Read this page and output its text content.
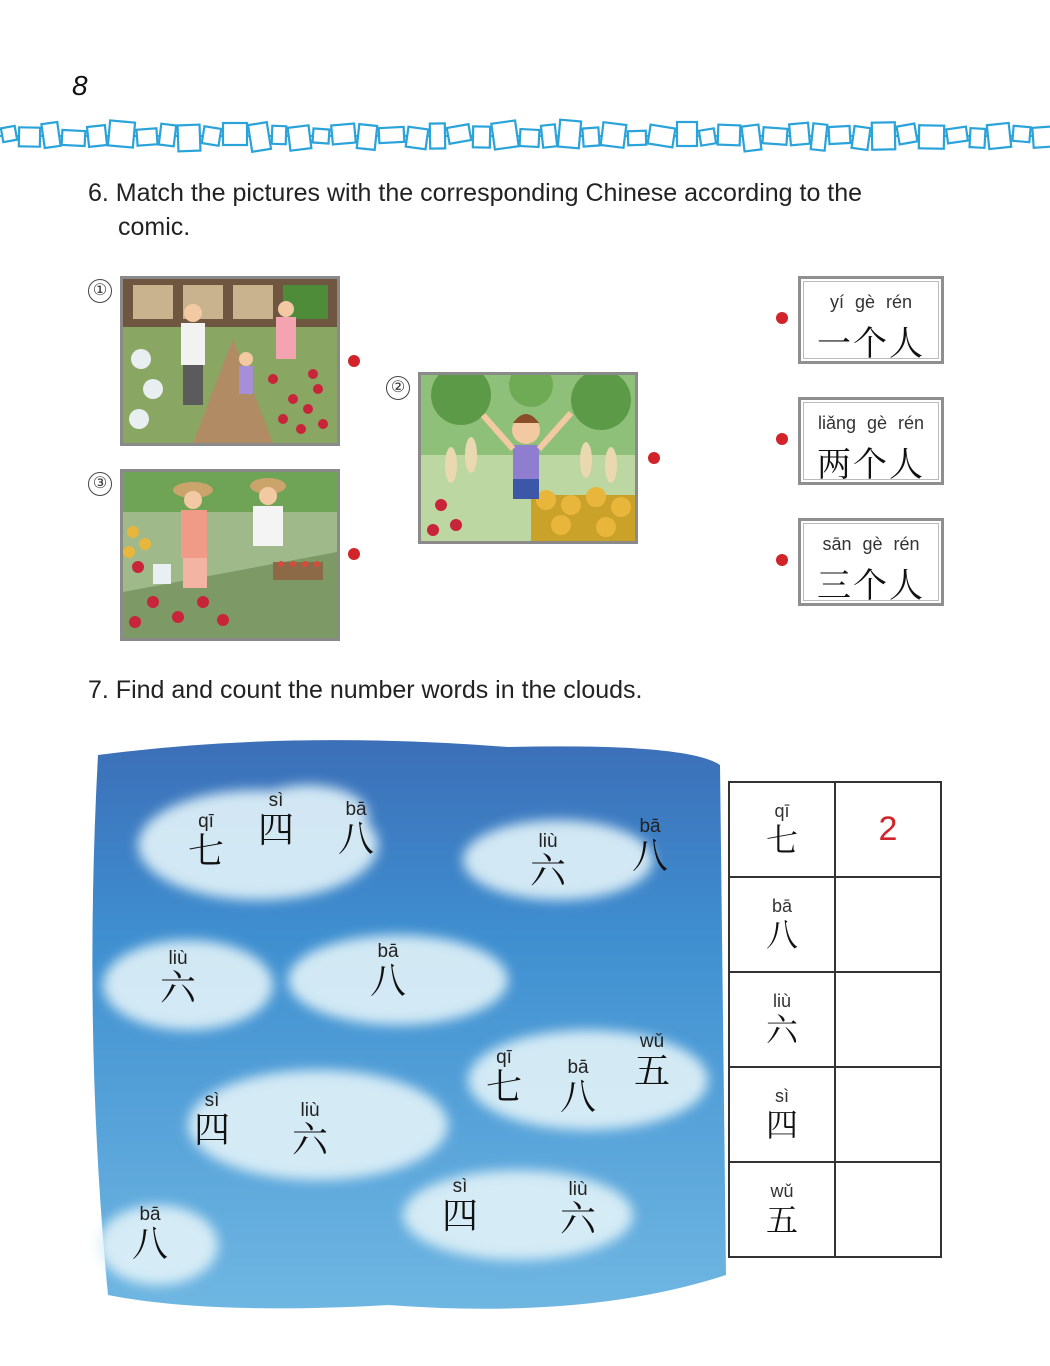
8
6. Match the pictures with the corresponding Chinese according to the
comic.
①
②
③
yí gè rén
一个人
liǎng gè rén
两个人
sān gè rén
三个人
7. Find and count the number words in the clouds.
qī
七
sì
四
bā
八	liù
六
bā
八
liù
六
bā
八
qī
七	bā
八
wǔ
五
sì
四	liù
六
sì
四
liù
六
bā
八
qī
七	2

bā
八	

liù
六	

sì
四	

wǔ
五	
